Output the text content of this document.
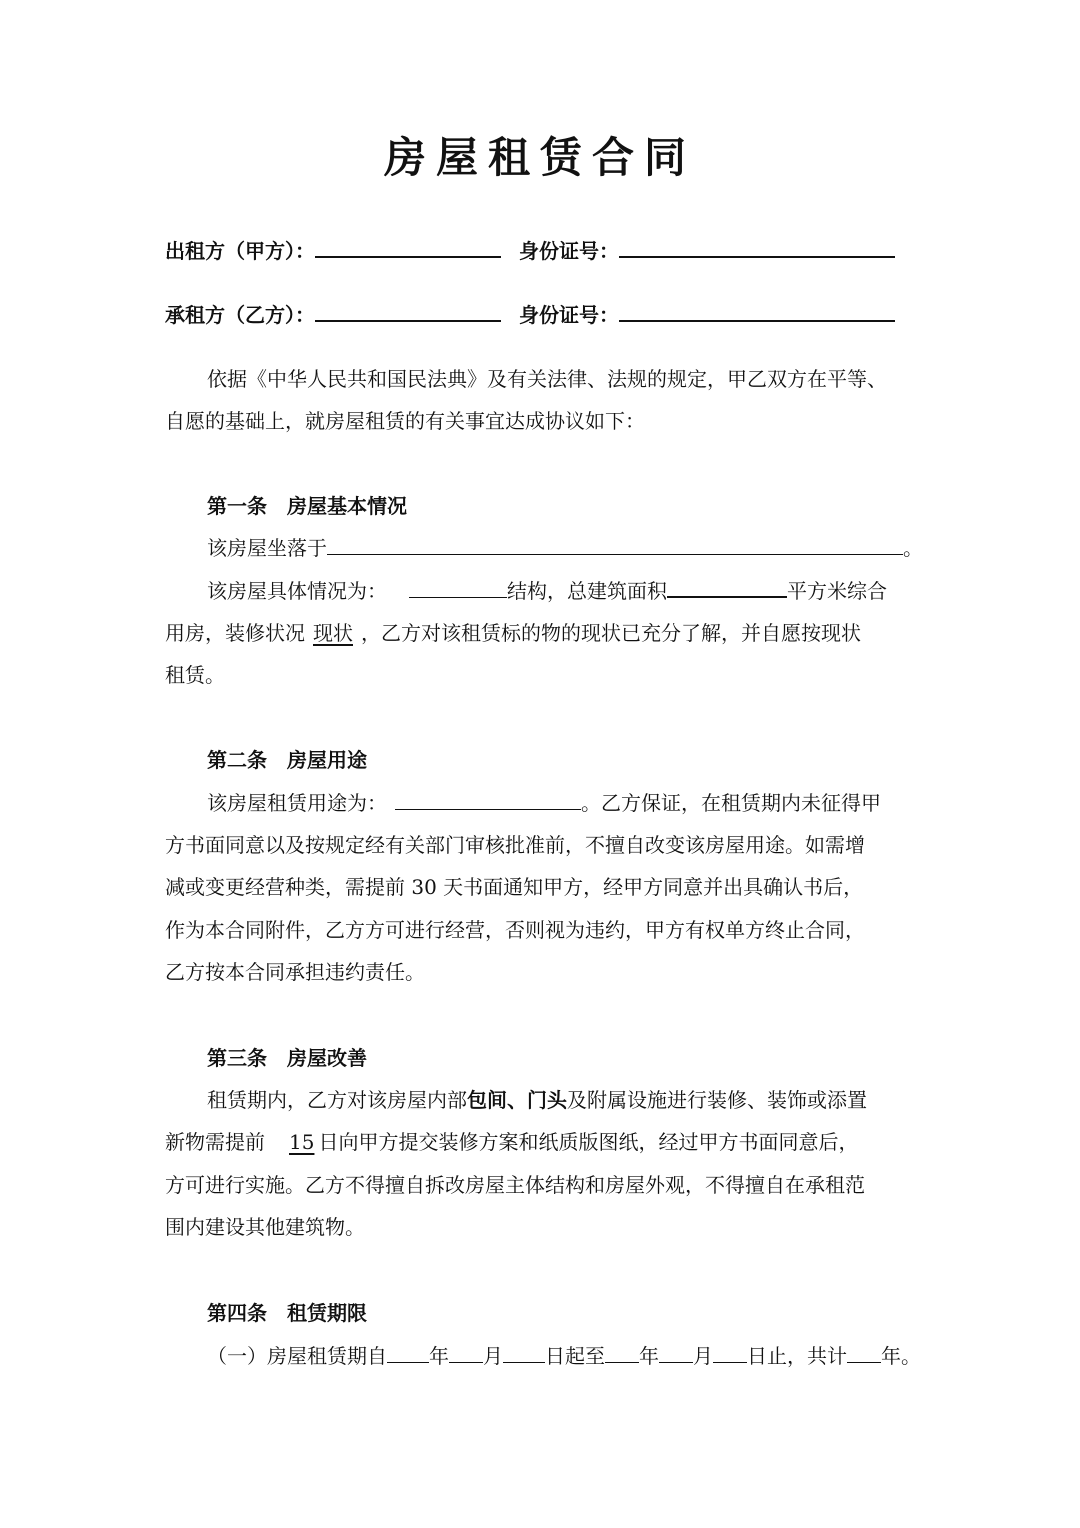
房屋租赁合同
出租方（甲方）：	身份证号：
承租方（乙方）：	身份证号：
依据《中华人民共和国民法典》及有关法律、法规的规定，甲乙双方在平等、
自愿的基础上，就房屋租赁的有关事宜达成协议如下：
第一条　房屋基本情况
该房屋坐落于	。
该房屋具体情况为：	结构，总建筑面积	平方米综合
用房，装修状况 现状 ，乙方对该租赁标的物的现状已充分了解，并自愿按现状
租赁。
第二条　房屋用途
该房屋租赁用途为：	。乙方保证，在租赁期内未征得甲
方书面同意以及按规定经有关部门审核批准前，不擅自改变该房屋用途。如需增
减或变更经营种类，需提前 30 天书面通知甲方，经甲方同意并出具确认书后，
作为本合同附件，乙方方可进行经营，否则视为违约，甲方有权单方终止合同，
乙方按本合同承担违约责任。
第三条　房屋改善
租赁期内，乙方对该房屋内部包间、门头及附属设施进行装修、装饰或添置
新物需提前 15 日向甲方提交装修方案和纸质版图纸，经过甲方书面同意后，
方可进行实施。乙方不得擅自拆改房屋主体结构和房屋外观，不得擅自在承租范
围内建设其他建筑物。
第四条　租赁期限
（一）房屋租赁期自 年 月 日起至 年 月 日止，共计 年。
